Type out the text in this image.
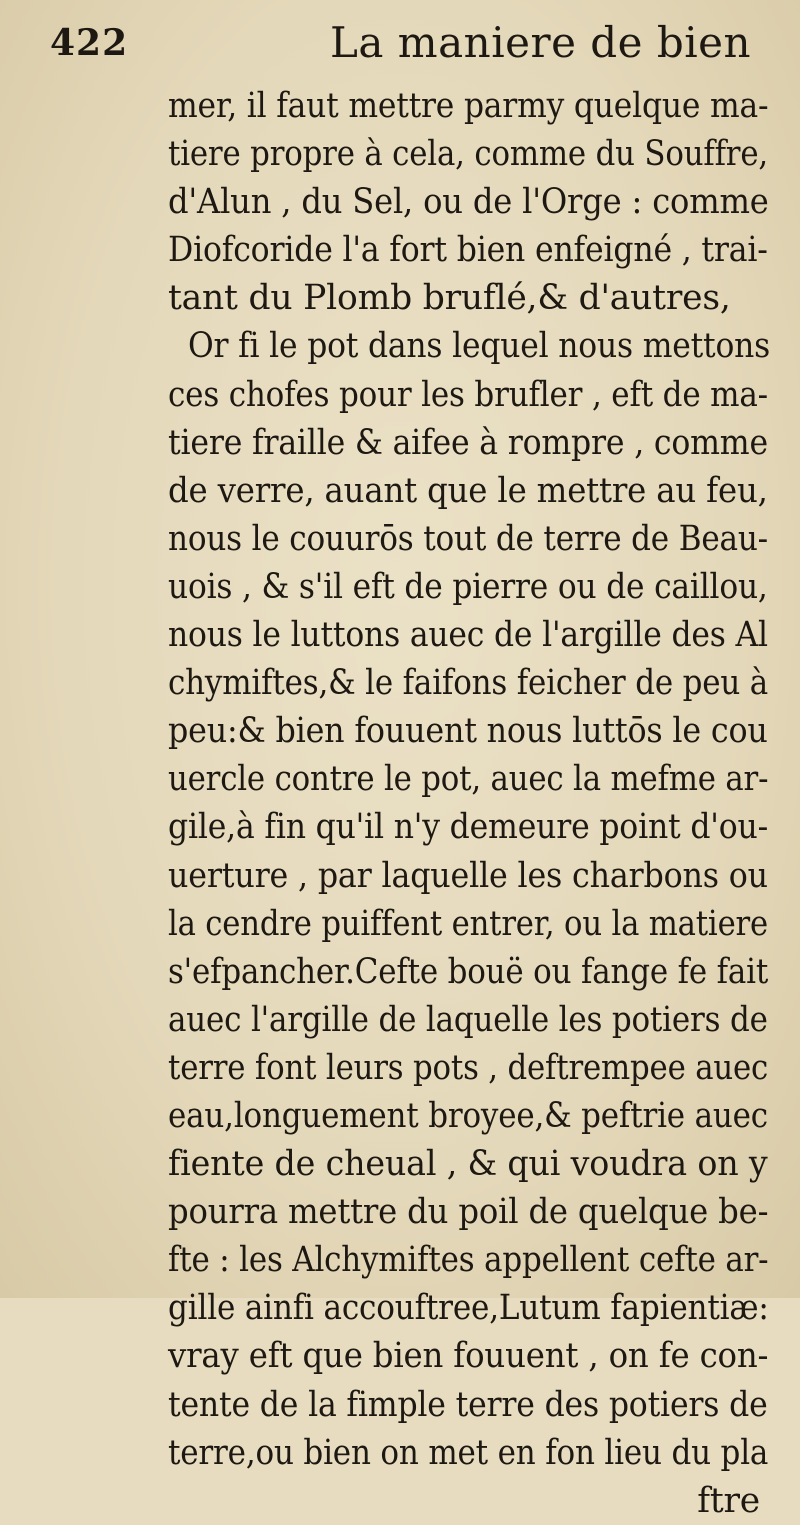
422	La maniere de bien
mer, il faut mettre parmy quelque ma-
tiere propre à cela, comme du Souffre,
d'Alun , du Sel, ou de l'Orge : comme
Diofcoride l'a fort bien enfeigné , trai-
tant du Plomb bruflé,& d'autres,
Or fi le pot dans lequel nous mettons
ces chofes pour les brufler , eft de ma-
tiere fraille & aifee à rompre , comme
de verre, auant que le mettre au feu,
nous le couurōs tout de terre de Beau-
uois , & s'il eft de pierre ou de caillou,
nous le luttons auec de l'argille des Al
chymiftes,& le faifons feicher de peu à
peu:& bien fouuent nous luttōs le cou
uercle contre le pot, auec la mefme ar-
gile,à fin qu'il n'y demeure point d'ou-
uerture , par laquelle les charbons ou
la cendre puiffent entrer, ou la matiere
s'efpancher.Cefte bouë ou fange fe fait
auec l'argille de laquelle les potiers de
terre font leurs pots , deftrempee auec
eau,longuement broyee,& peftrie auec
fiente de cheual , & qui voudra on y
pourra mettre du poil de quelque be-
fte : les Alchymiftes appellent cefte ar-
gille ainfi accouftree,Lutum fapientiæ:
vray eft que bien fouuent , on fe con-
tente de la fimple terre des potiers de
terre,ou bien on met en fon lieu du pla
ftre
